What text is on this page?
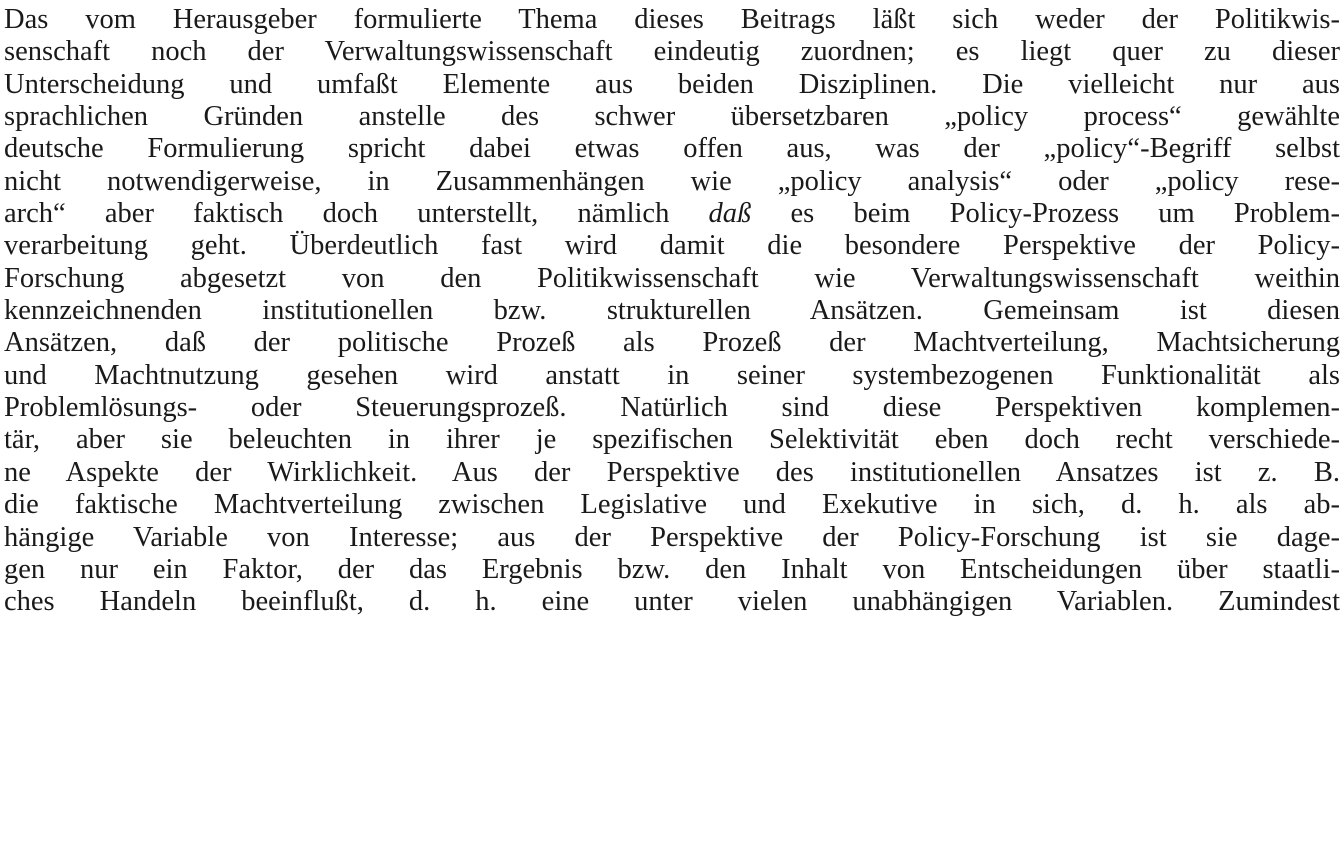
Das vom Herausgeber formulierte Thema dieses Beitrags läßt sich weder der Politikwis-
senschaft noch der Verwaltungswissenschaft eindeutig zuordnen; es liegt quer zu dieser
Unterscheidung und umfaßt Elemente aus beiden Disziplinen. Die vielleicht nur aus
sprachlichen Gründen anstelle des schwer übersetzbaren „policy process“ gewählte
deutsche Formulierung spricht dabei etwas offen aus, was der „policy“-Begriff selbst
nicht notwendigerweise, in Zusammenhängen wie „policy analysis“ oder „policy rese-
arch“ aber faktisch doch unterstellt, nämlich daß es beim Policy-Prozess um Problem-
verarbeitung geht. Überdeutlich fast wird damit die besondere Perspektive der Policy-
Forschung abgesetzt von den Politikwissenschaft wie Verwaltungswissenschaft weithin
kennzeichnenden institutionellen bzw. strukturellen Ansätzen. Gemeinsam ist diesen
Ansätzen, daß der politische Prozeß als Prozeß der Machtverteilung, Machtsicherung
und Machtnutzung gesehen wird anstatt in seiner systembezogenen Funktionalität als
Problemlösungs- oder Steuerungsprozeß. Natürlich sind diese Perspektiven komplemen-
tär, aber sie beleuchten in ihrer je spezifischen Selektivität eben doch recht verschiede-
ne Aspekte der Wirklichkeit. Aus der Perspektive des institutionellen Ansatzes ist z. B.
die faktische Machtverteilung zwischen Legislative und Exekutive in sich, d. h. als ab-
hängige Variable von Interesse; aus der Perspektive der Policy-Forschung ist sie dage-
gen nur ein Faktor, der das Ergebnis bzw. den Inhalt von Entscheidungen über staatli-
ches Handeln beeinflußt, d. h. eine unter vielen unabhängigen Variablen. Zumindest
